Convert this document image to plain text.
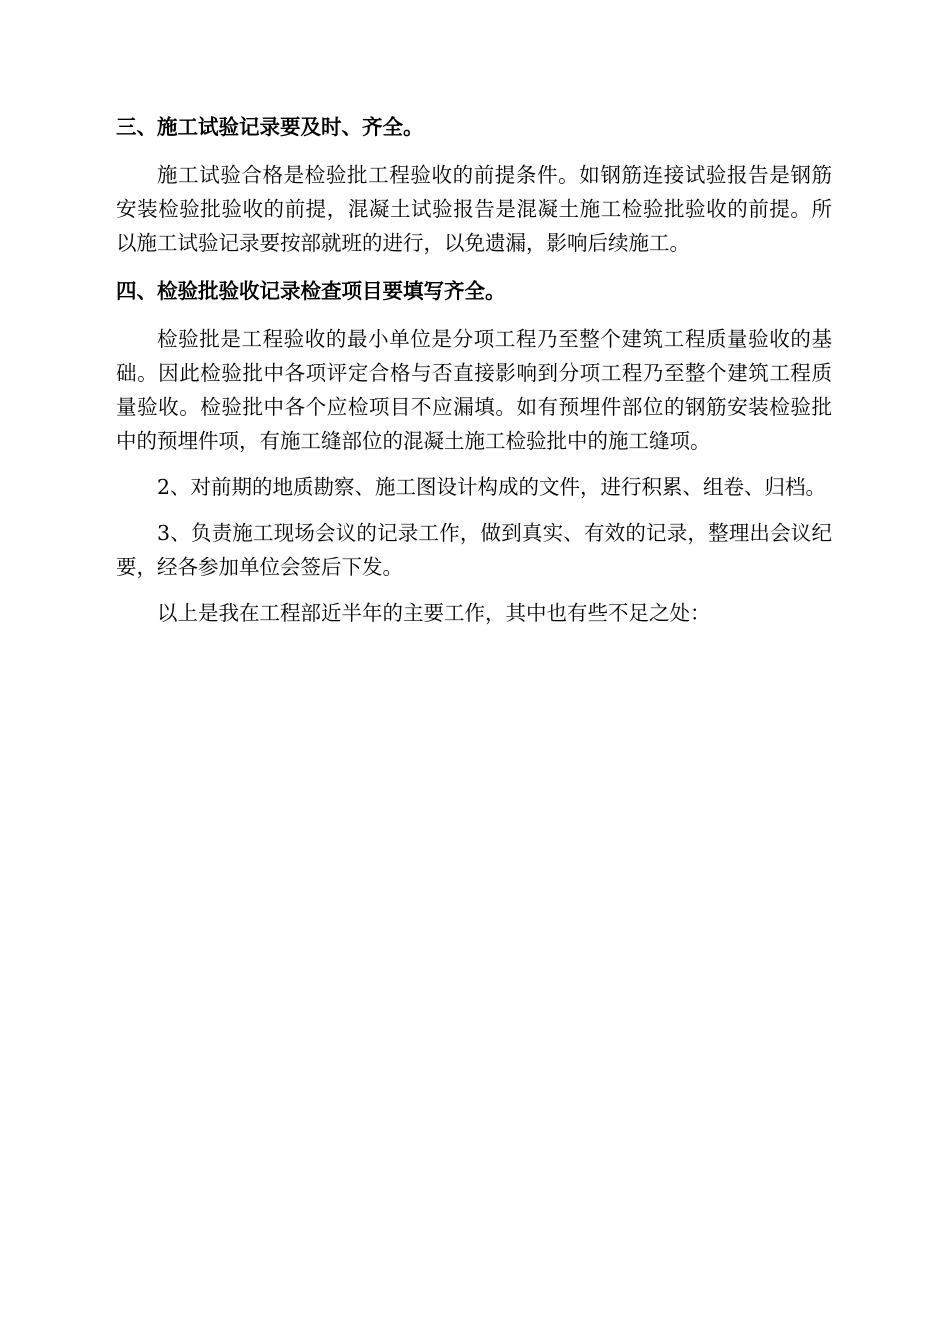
三、施工试验记录要及时、齐全。

施工试验合格是检验批工程验收的前提条件。如钢筋连接试验报告是钢筋安装检验批验收的前提，混凝土试验报告是混凝土施工检验批验收的前提。所以施工试验记录要按部就班的进行，以免遗漏，影响后续施工。

四、检验批验收记录检查项目要填写齐全。

检验批是工程验收的最小单位是分项工程乃至整个建筑工程质量验收的基础。因此检验批中各项评定合格与否直接影响到分项工程乃至整个建筑工程质量验收。检验批中各个应检项目不应漏填。如有预埋件部位的钢筋安装检验批中的预埋件项，有施工缝部位的混凝土施工检验批中的施工缝项。

2、对前期的地质勘察、施工图设计构成的文件，进行积累、组卷、归档。

3、负责施工现场会议的记录工作，做到真实、有效的记录，整理出会议纪要，经各参加单位会签后下发。

以上是我在工程部近半年的主要工作，其中也有些不足之处：
